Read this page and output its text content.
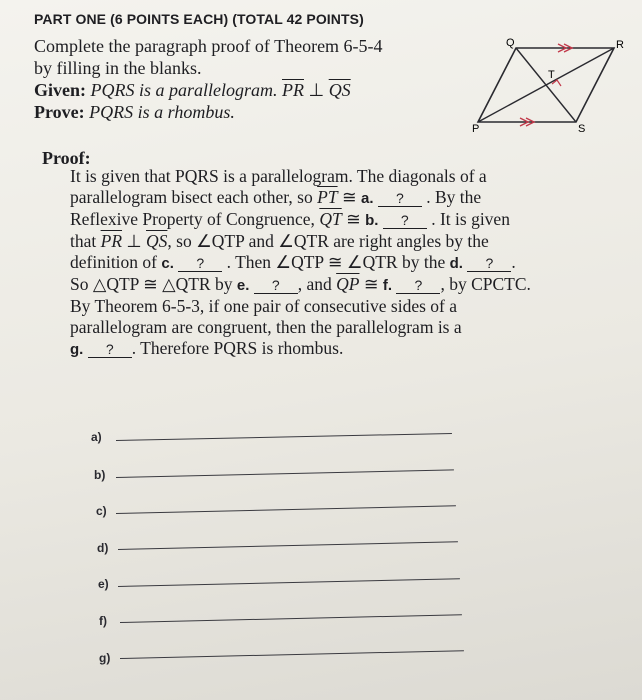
PART ONE (6 POINTS EACH) (TOTAL 42 POINTS)
Complete the paragraph proof of Theorem 6-5-4
by filling in the blanks.
Given: PQRS is a parallelogram. $\overline{PR}$ ⊥ $\overline{QS}$
Prove: PQRS is a rhombus.
Q	R
P	S
T
Proof:
It is given that PQRS is a parallelogram. The diagonals of a
parallelogram bisect each other, so $\overline{PT}$ ≅ a. ? . By the
Reflexive Property of Congruence, $\overline{QT}$ ≅ b. ? . It is given
that $\overline{PR}$ ⊥ $\overline{QS}$, so ∠QTP and ∠QTR are right angles by the
definition of c. ? . Then ∠QTP ≅ ∠QTR by the d. ? .
So △QTP ≅ △QTR by e. ? , and $\overline{QP}$ ≅ f. ? , by CPCTC.
By Theorem 6-5-3, if one pair of consecutive sides of a
parallelogram are congruent, then the parallelogram is a
g. ? . Therefore PQRS is rhombus.
a)
b)
c)
d)
e)
f)
g)
